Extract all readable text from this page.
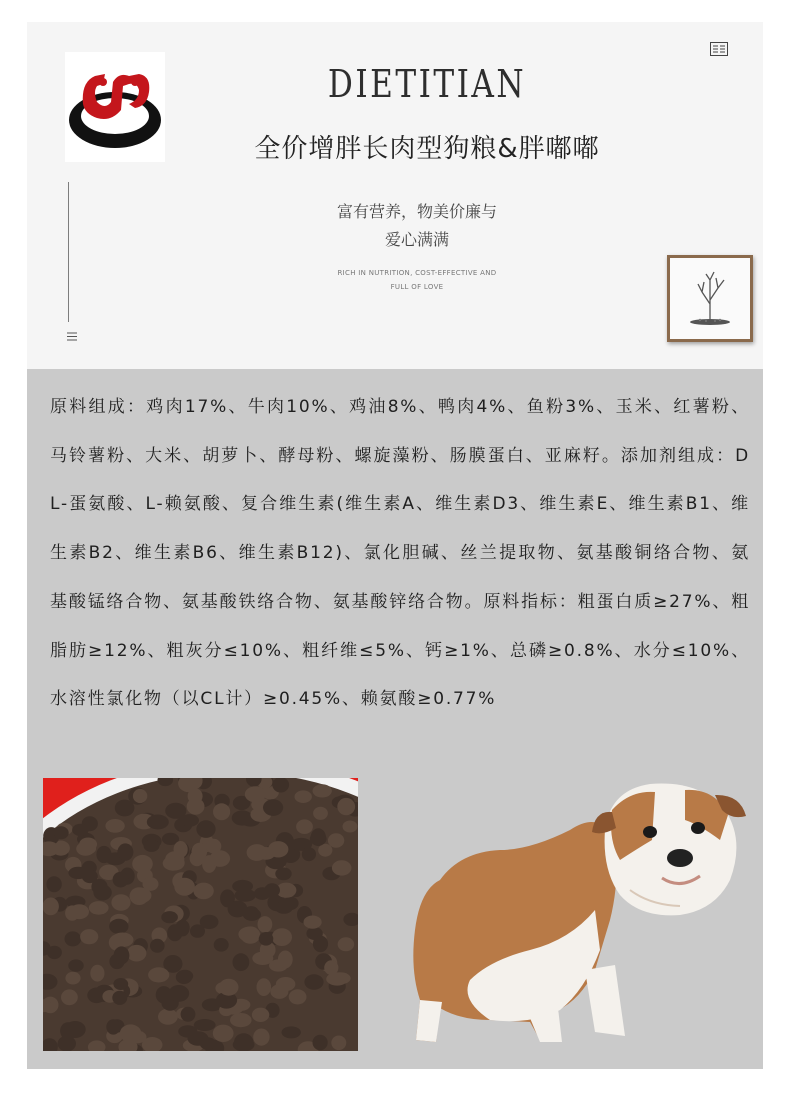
DIETITIAN
全价增胖长肉型狗粮&胖嘟嘟
富有营养，物美价廉与
爱心满满
RICH IN NUTRITION, COST-EFFECTIVE AND
FULL OF LOVE
原料组成：鸡肉17%、牛肉10%、鸡油8%、鸭肉4%、鱼粉3%、玉米、红薯粉、马铃薯粉、大米、胡萝卜、酵母粉、螺旋藻粉、肠膜蛋白、亚麻籽。添加剂组成：DL-蛋氨酸、L-赖氨酸、复合维生素(维生素A、维生素D3、维生素E、维生素B1、维生素B2、维生素B6、维生素B12)、氯化胆碱、丝兰提取物、氨基酸铜络合物、氨基酸锰络合物、氨基酸铁络合物、氨基酸锌络合物。原料指标：粗蛋白质≥27%、粗脂肪≥12%、粗灰分≤10%、粗纤维≤5%、钙≥1%、总磷≥0.8%、水分≤10%、水溶性氯化物（以CL计）≥0.45%、赖氨酸≥0.77%
